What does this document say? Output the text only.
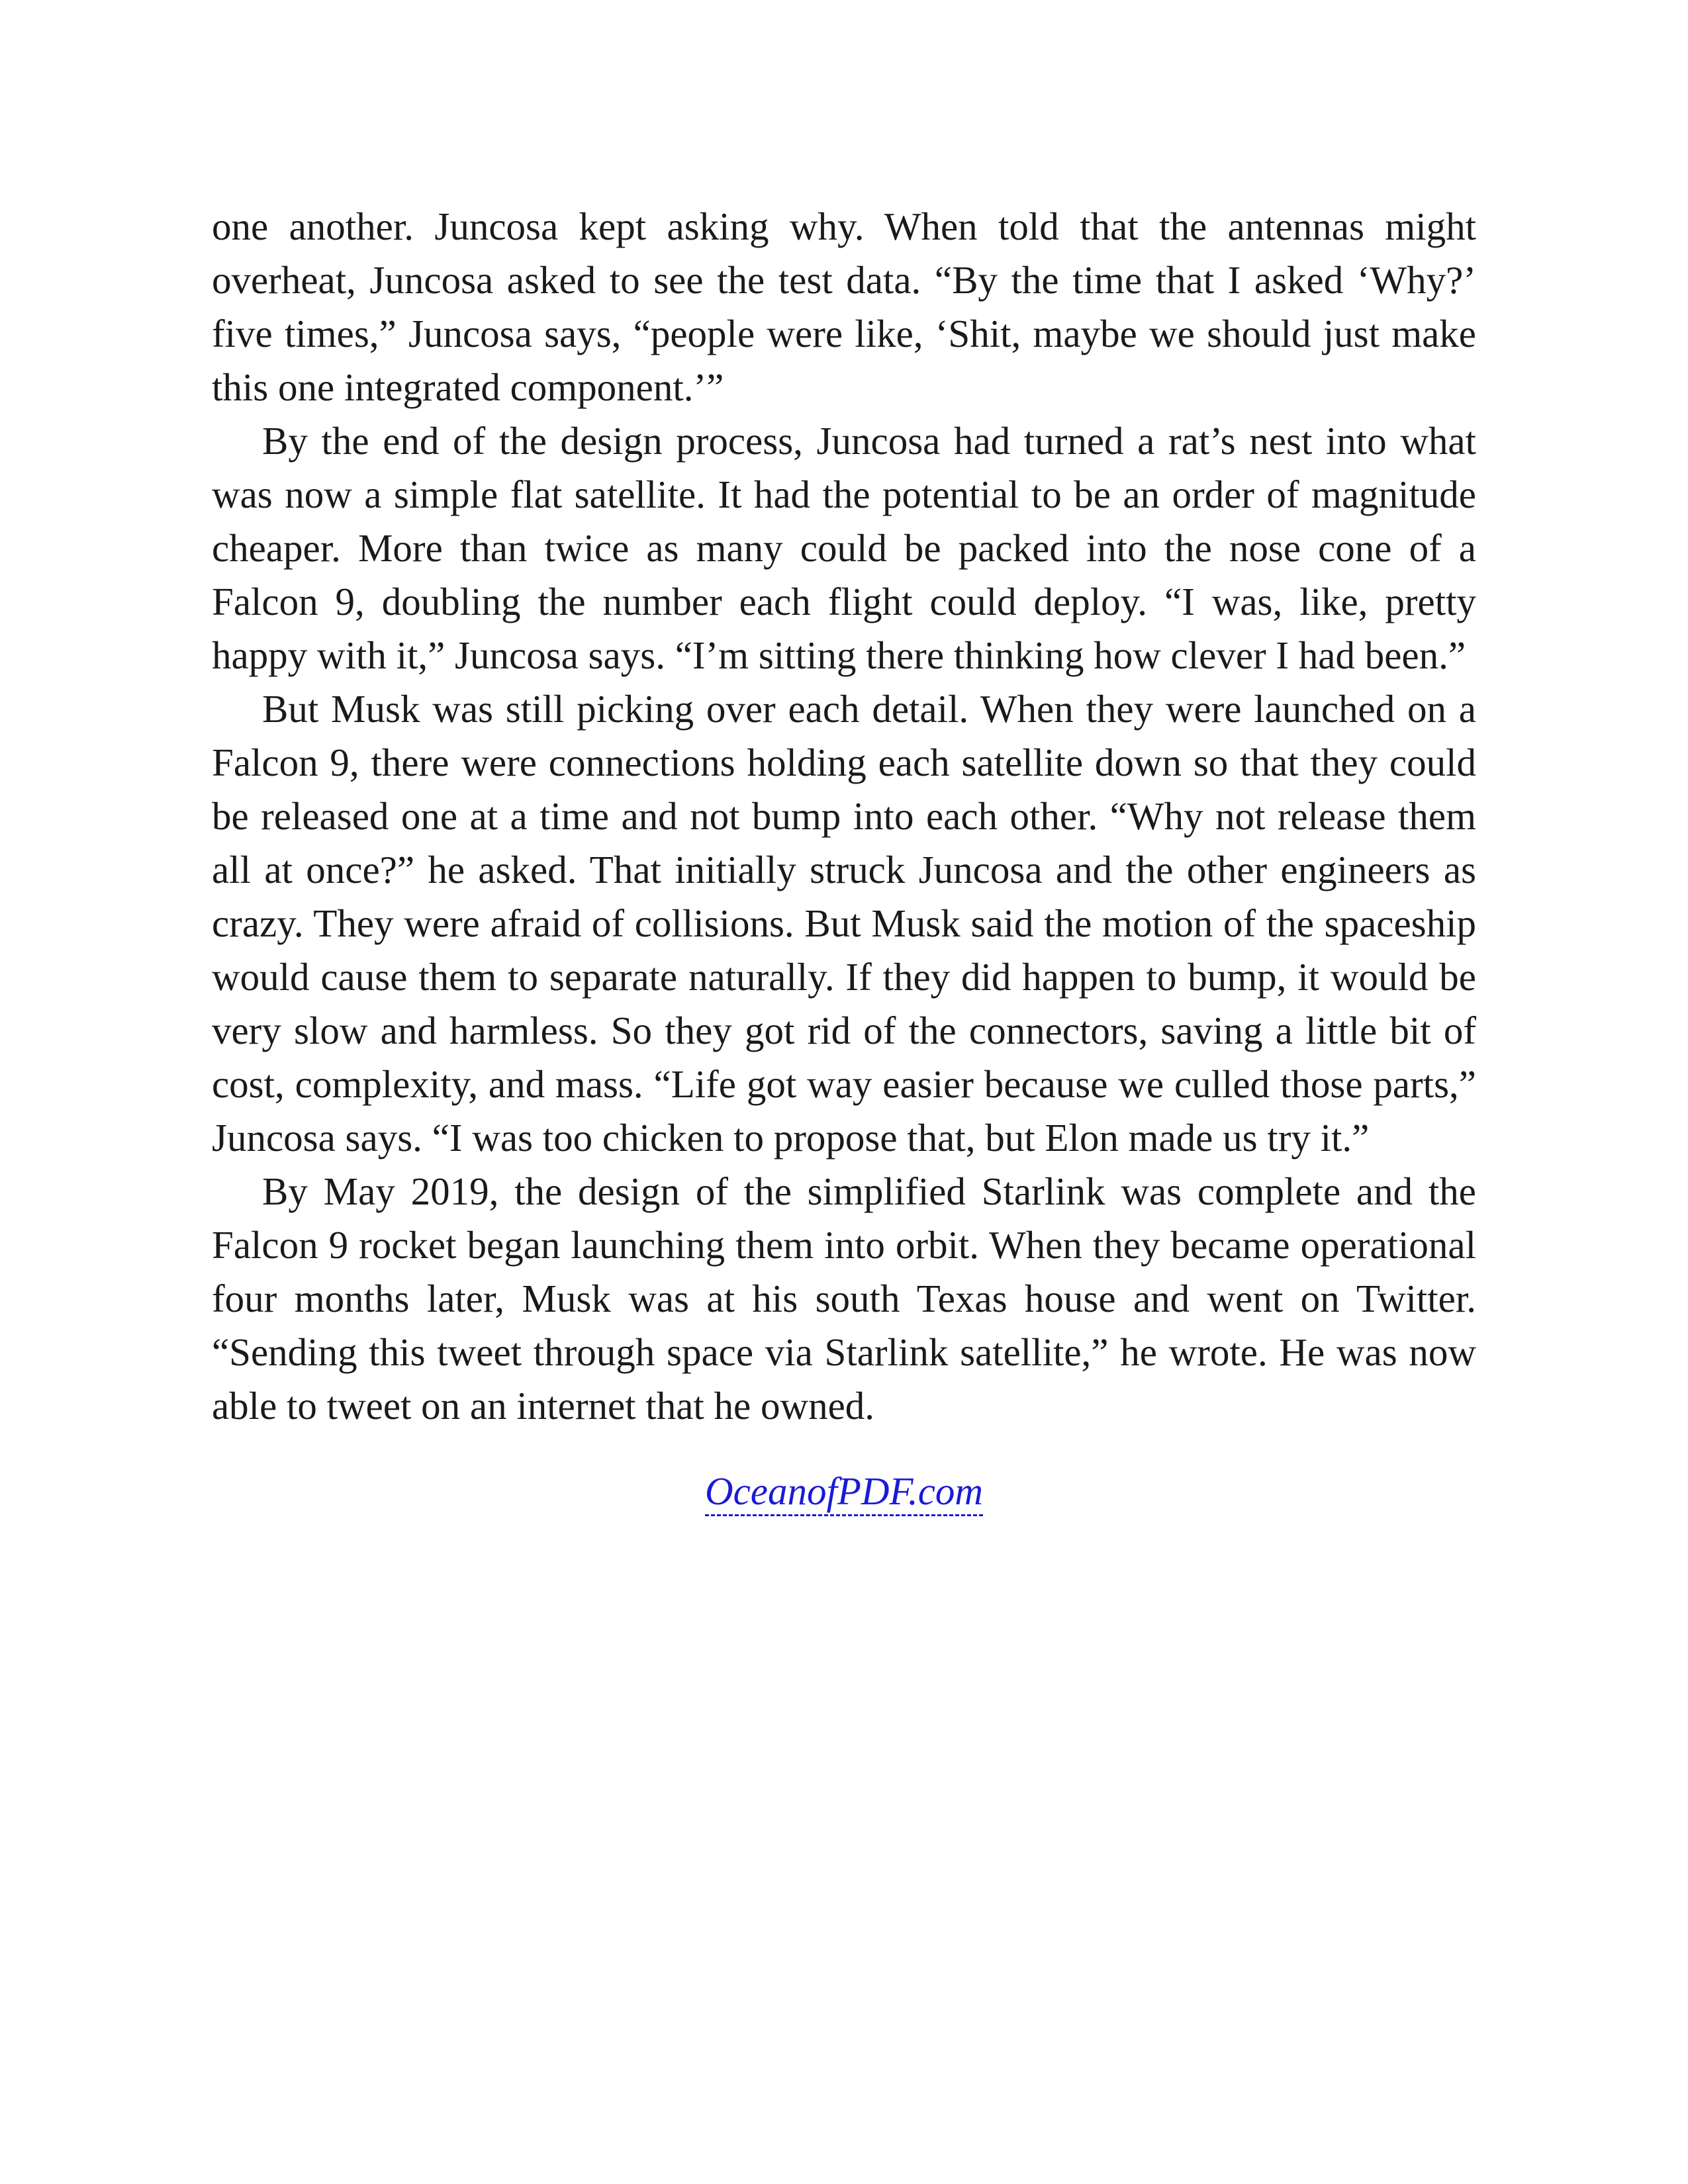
one another. Juncosa kept asking why. When told that the antennas might overheat, Juncosa asked to see the test data. “By the time that I asked ‘Why?’ five times,” Juncosa says, “people were like, ‘Shit, maybe we should just make this one integrated component.’”

By the end of the design process, Juncosa had turned a rat’s nest into what was now a simple flat satellite. It had the potential to be an order of magnitude cheaper. More than twice as many could be packed into the nose cone of a Falcon 9, doubling the number each flight could deploy. “I was, like, pretty happy with it,” Juncosa says. “I’m sitting there thinking how clever I had been.”

But Musk was still picking over each detail. When they were launched on a Falcon 9, there were connections holding each satellite down so that they could be released one at a time and not bump into each other. “Why not release them all at once?” he asked. That initially struck Juncosa and the other engineers as crazy. They were afraid of collisions. But Musk said the motion of the spaceship would cause them to separate naturally. If they did happen to bump, it would be very slow and harmless. So they got rid of the connectors, saving a little bit of cost, complexity, and mass. “Life got way easier because we culled those parts,” Juncosa says. “I was too chicken to propose that, but Elon made us try it.”

By May 2019, the design of the simplified Starlink was complete and the Falcon 9 rocket began launching them into orbit. When they became operational four months later, Musk was at his south Texas house and went on Twitter. “Sending this tweet through space via Starlink satellite,” he wrote. He was now able to tweet on an internet that he owned.

OceanofPDF.com
